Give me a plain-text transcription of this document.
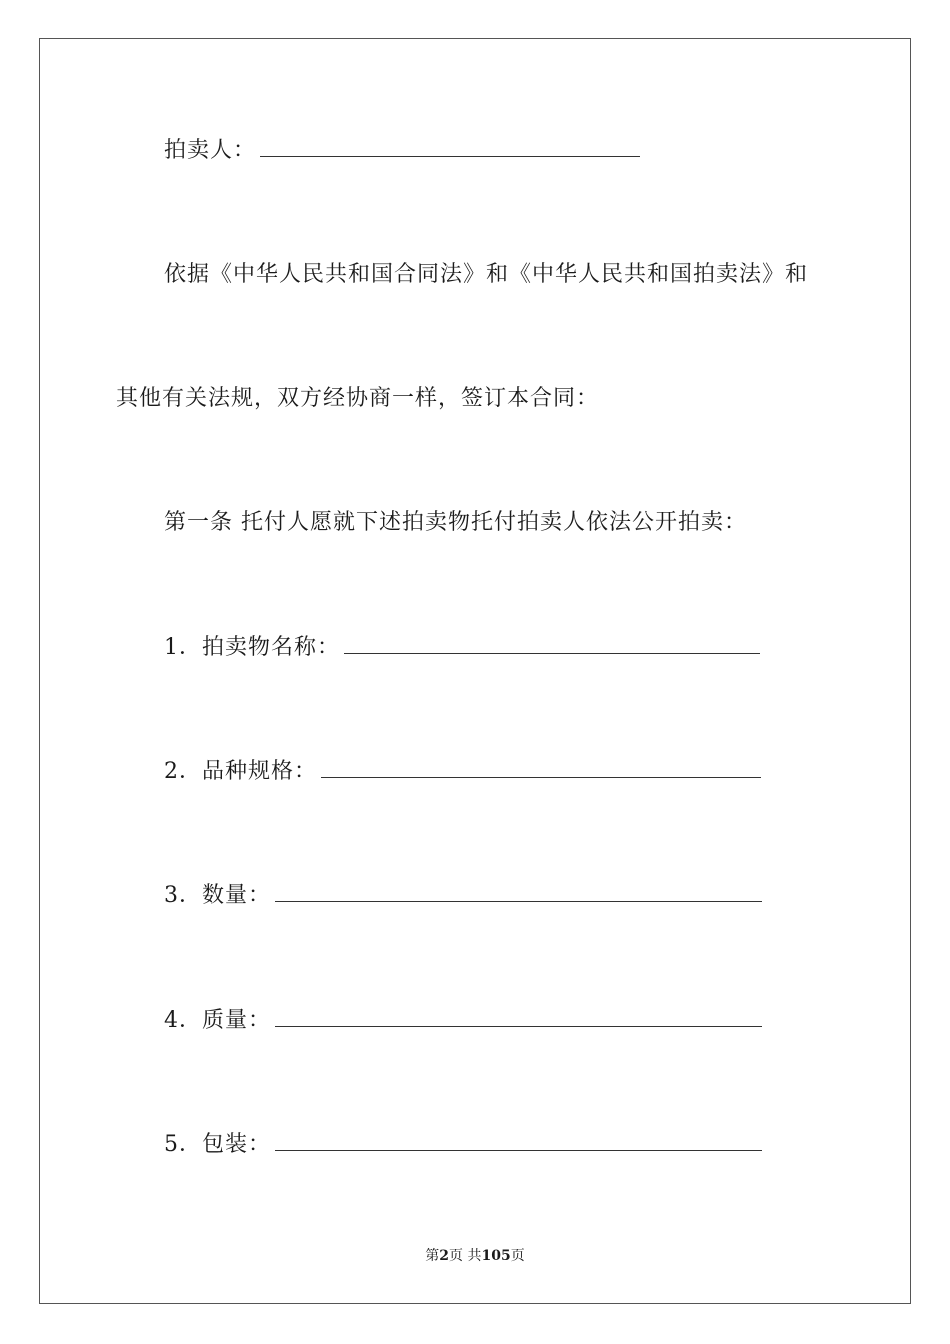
拍卖人：
依据《中华人民共和国合同法》和《中华人民共和国拍卖法》和
其他有关法规，双方经协商一样，签订本合同：
第一条 托付人愿就下述拍卖物托付拍卖人依法公开拍卖：
1．拍卖物名称：
2．品种规格：
3．数量：
4．质量：
5．包装：
第2页 共105页
